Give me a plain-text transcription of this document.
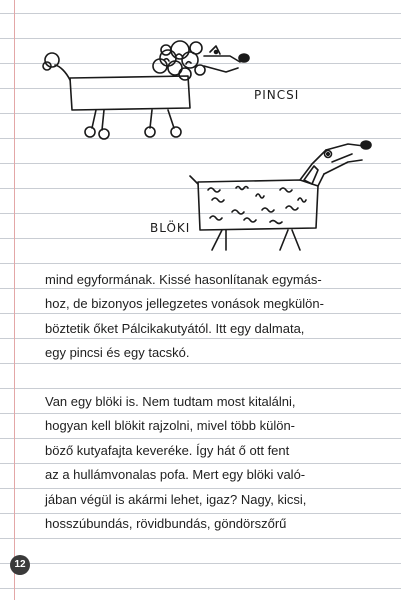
PINCSI
BLÖKI

mind egyformának. Kissé hasonlítanak egymás-
hoz, de bizonyos jellegzetes vonások megkülön-
böztetik őket Pálcikakutyától. Itt egy dalmata,
egy pincsi és egy tacskó.

Van egy blöki is. Nem tudtam most kitalálni,
hogyan kell blökit rajzolni, mivel több külön-
böző kutyafajta keveréke. Így hát ő ott fent
az a hullámvonalas pofa. Mert egy blöki való-
jában végül is akármi lehet, igaz? Nagy, kicsi,
hosszúbundás, rövidbundás, göndörszőrű

12
